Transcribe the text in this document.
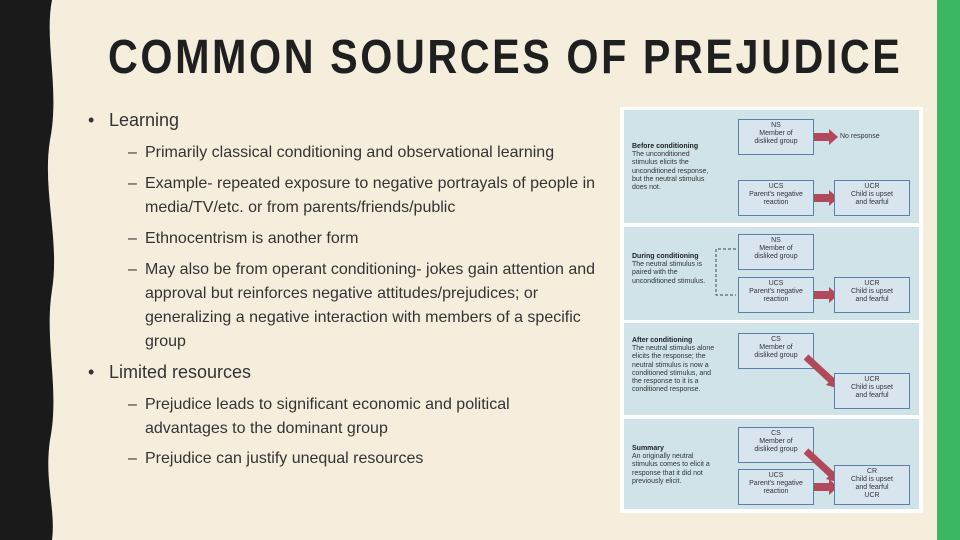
COMMON SOURCES OF PREJUDICE
• Learning
– Primarily classical conditioning and observational learning
– Example- repeated exposure to negative portrayals of people in media/TV/etc. or from parents/friends/public
– Ethnocentrism is another form
– May also be from operant conditioning- jokes gain attention and approval but reinforces negative attitudes/prejudices; or generalizing a negative interaction with members of a specific group
• Limited resources
– Prejudice leads to significant economic and political advantages to the dominant group
– Prejudice can justify unequal resources
Before conditioning
The unconditioned stimulus elicits the unconditioned response, but the neutral stimulus does not.
NS
Member of
disliked group
No response
UCS
Parent's negative
reaction
UCR
Child is upset
and fearful
During conditioning
The neutral stimulus is paired with the unconditioned stimulus.
NS
Member of
disliked group
UCS
Parent's negative
reaction
UCR
Child is upset
and fearful
After conditioning
The neutral stimulus alone elicits the response; the neutral stimulus is now a conditioned stimulus, and the response to it is a conditioned response.
CS
Member of
disliked group
UCR
Child is upset
and fearful
Summary
An originally neutral stimulus comes to elicit a response that it did not previously elicit.
CS
Member of
disliked group
UCS
Parent's negative
reaction
CR
Child is upset
and fearful
UCR
